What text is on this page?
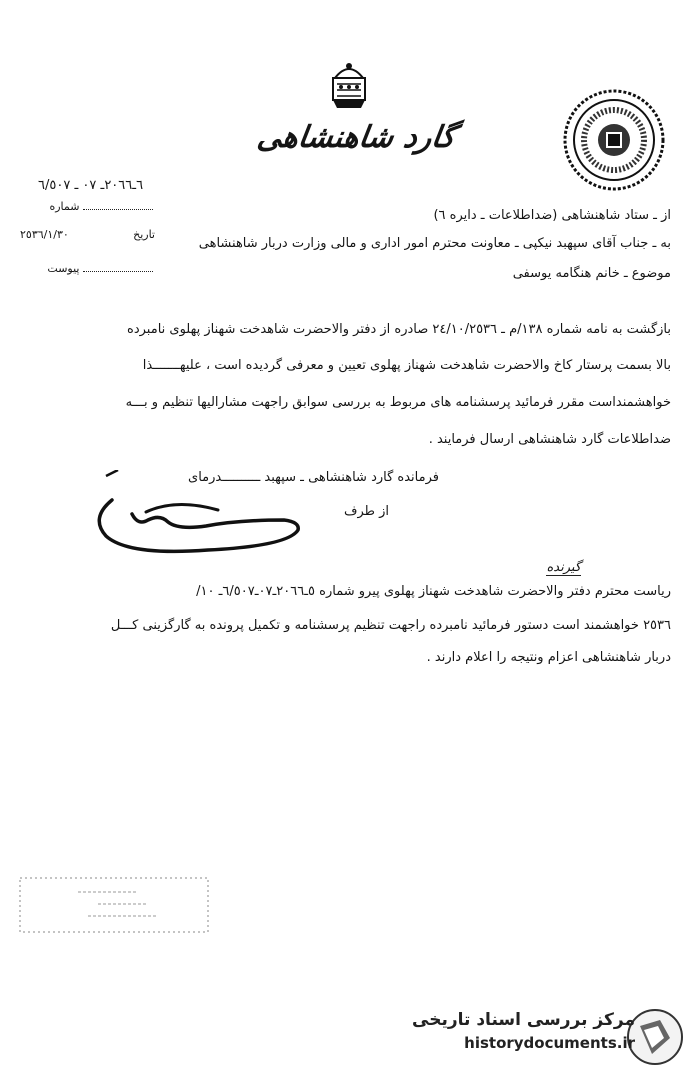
گارد شاهنشاهی
٦ـ٢٠٦٦ـ ٠٧ ـ ٦/٥٠٧
شماره
٢٥٣٦/١/٣٠	تاریخ
پیوست
از ـ ستاد شاهنشاهی (ضداطلاعات ـ دایره ٦)
به ـ جناب آقای سپهبد نیکپی ـ معاونت محترم امور اداری و مالی وزارت دربار شاهنشاهی
موضوع ـ خانم هنگامه یوسفی
بازگشت به نامه شماره ١٣٨/م ـ ٢٤/١٠/٢٥٣٦ صادره از دفتر والاحضرت شاهدخت شهناز پهلوی نامبرده
بالا بسمت پرستار کاخ والاحضرت شاهدخت شهناز پهلوی تعیین و معرفی گردیده است ، علیهـــــــذا
خواهشمنداست مقرر فرمائید پرسشنامه های مربوط به بررسی سوابق راجهت مشارالیها تنظیم و بـــه
ضداطلاعات گارد شاهنشاهی ارسال فرمایند .
فرمانده گارد شاهنشاهی ـ سپهبد ــــــــــدرمای
از طرف
گیرنده
ریاست محترم دفتر والاحضرت شاهدخت شهناز پهلوی پیرو شماره ٥ـ٢٠٦٦ـ٠٧ـ٦/٥٠٧ـ ١٠/
٢٥٣٦ خواهشمند است دستور فرمائید نامبرده راجهت تنظیم پرسشنامه و تکمیل پرونده به گارگزینی کـــل
دربار شاهنشاهی اعزام ونتیجه را اعلام دارند .
مرکز بررسی اسناد تاریخی
historydocuments.ir
